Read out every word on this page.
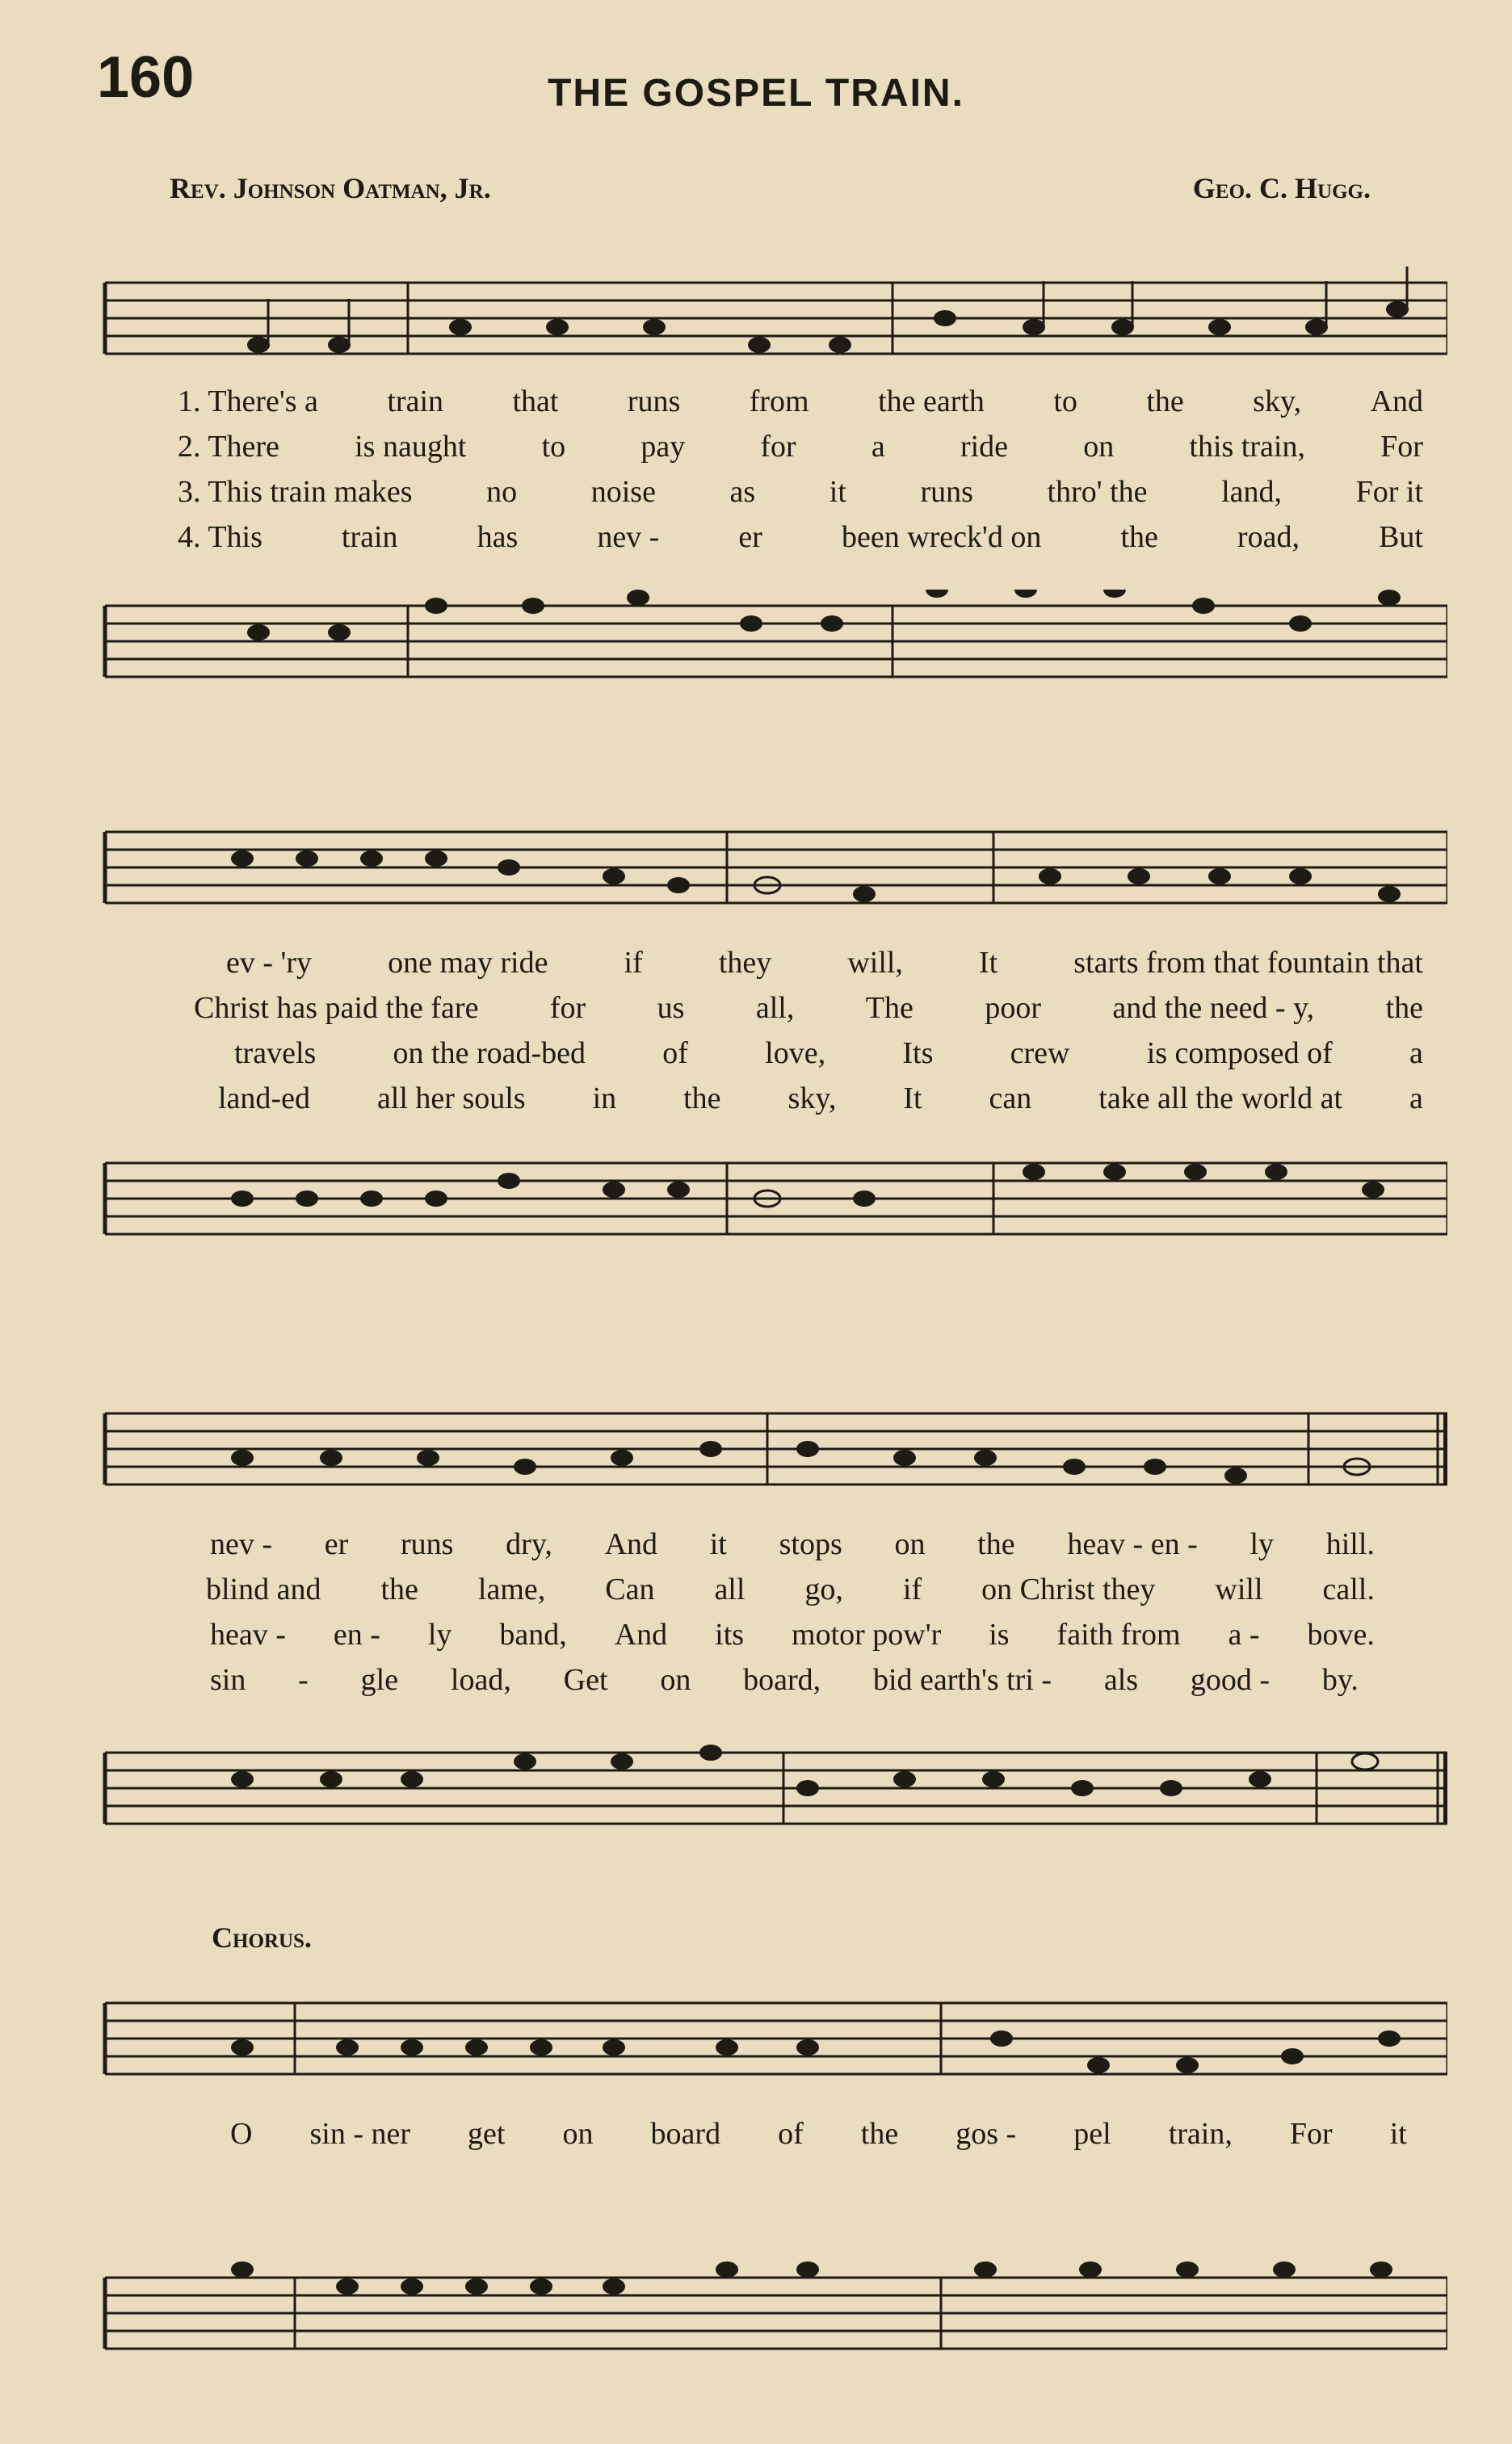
160	THE GOSPEL TRAIN.
Rev. Johnson Oatman, Jr.	Geo. C. Hugg.
1. There's a train that runs from the earth to the sky, And
2. There is naught to pay for a ride on this train, For
3. This train makes no noise as it runs thro' the land, For it
4. This	train	has	nev -	er	been wreck'd on	the	road,	But
ev - 'ry one may ride if they will, It starts from that fountain that
Christ has paid the fare for us all, The poor and the need - y, the
travels	on the road-bed	of	love,	Its	crew	is composed of	a
land-ed all her souls in the sky, It can take all the world at a
nev - er runs dry, And it stops on the heav - en - ly hill.
blind and the lame, Can all go, if on Christ they will call.
heav - en - ly band, And its motor pow'r is faith from a - bove.
sin - gle load, Get on board, bid earth's tri - als good - by.
Chorus.
O sin - ner get on board of the gos - pel train, For it
